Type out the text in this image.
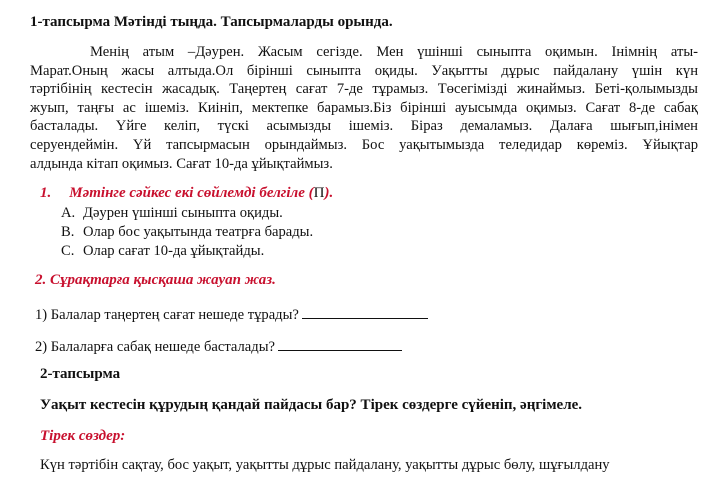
1-тапсырма Мәтінді тыңда. Тапсырмаларды орында.
Менің атым –Дәурен. Жасым сегізде. Мен үшінші сыныпта оқимын. Інімнің аты-
Марат.Оның жасы алтыда.Ол бірінші сыныпта оқиды. Уақытты дұрыс пайдалану үшін күн
тәртібінің кестесін жасадық. Таңертең сағат 7-де тұрамыз. Төсегімізді жинаймыз. Беті-қолымызды
жуып, таңғы ас ішеміз. Киініп, мектепке барамыз.Біз бірінші ауысымда оқимыз. Сағат 8-де сабақ
басталады. Үйге келіп, түскі асымызды ішеміз. Біраз демаламыз. Далаға шығып,інімен
серуендеймін. Үй тапсырмасын орындаймыз. Бос уақытымызда теледидар көреміз. Ұйықтар
алдында кітап оқимыз. Сағат 10-да ұйықтаймыз.
1. Мәтінге сәйкес екі сөйлемді белгіле (П).
A. Дәурен үшінші сыныпта оқиды.
B. Олар бос уақытында театрға барады.
C. Олар сағат 10-да ұйықтайды.
2. Сұрақтарға қысқаша жауап жаз.
1) Балалар таңертең сағат нешеде тұрады?
2) Балаларға сабақ нешеде басталады?
2-тапсырма
Уақыт кестесін құрудың қандай пайдасы бар? Тірек сөздерге сүйеніп, әңгімеле.
Тірек сөздер:
Күн тәртібін сақтау, бос уақыт, уақытты дұрыс пайдалану, уақытты дұрыс бөлу, шұғылдану
